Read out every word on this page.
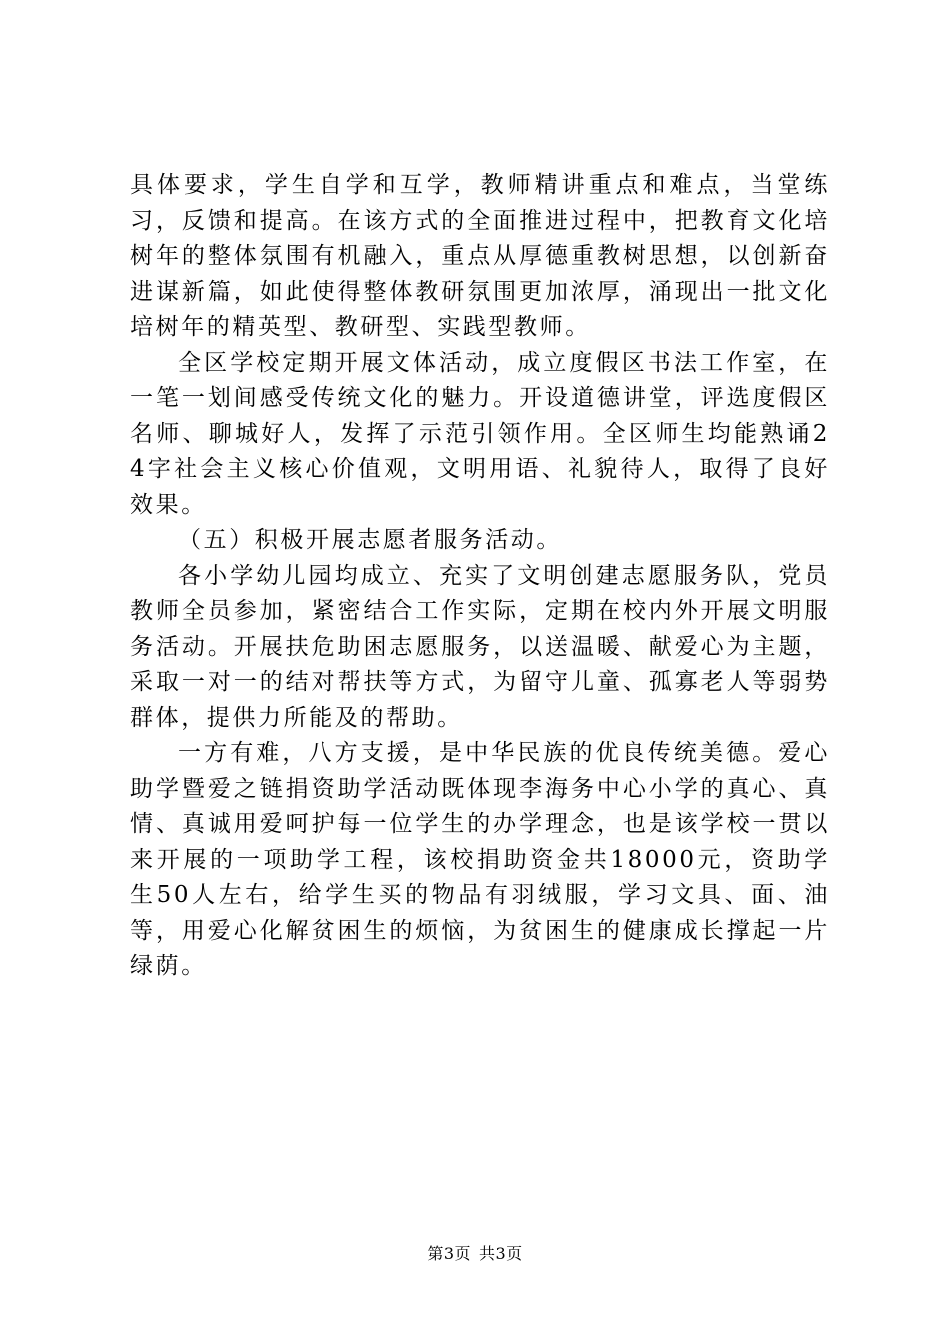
具体要求，学生自学和互学，教师精讲重点和难点，当堂练习，反馈和提高。在该方式的全面推进过程中，把教育文化培树年的整体氛围有机融入，重点从厚德重教树思想，以创新奋进谋新篇，如此使得整体教研氛围更加浓厚，涌现出一批文化培树年的精英型、教研型、实践型教师。

全区学校定期开展文体活动，成立度假区书法工作室，在一笔一划间感受传统文化的魅力。开设道德讲堂，评选度假区名师、聊城好人，发挥了示范引领作用。全区师生均能熟诵24字社会主义核心价值观，文明用语、礼貌待人，取得了良好效果。

（五）积极开展志愿者服务活动。

各小学幼儿园均成立、充实了文明创建志愿服务队，党员教师全员参加，紧密结合工作实际，定期在校内外开展文明服务活动。开展扶危助困志愿服务，以送温暖、献爱心为主题，采取一对一的结对帮扶等方式，为留守儿童、孤寡老人等弱势群体，提供力所能及的帮助。

一方有难，八方支援，是中华民族的优良传统美德。爱心助学暨爱之链捐资助学活动既体现李海务中心小学的真心、真情、真诚用爱呵护每一位学生的办学理念，也是该学校一贯以来开展的一项助学工程，该校捐助资金共18000元，资助学生50人左右，给学生买的物品有羽绒服，学习文具、面、油等，用爱心化解贫困生的烦恼，为贫困生的健康成长撑起一片绿荫。

第3页 共3页
